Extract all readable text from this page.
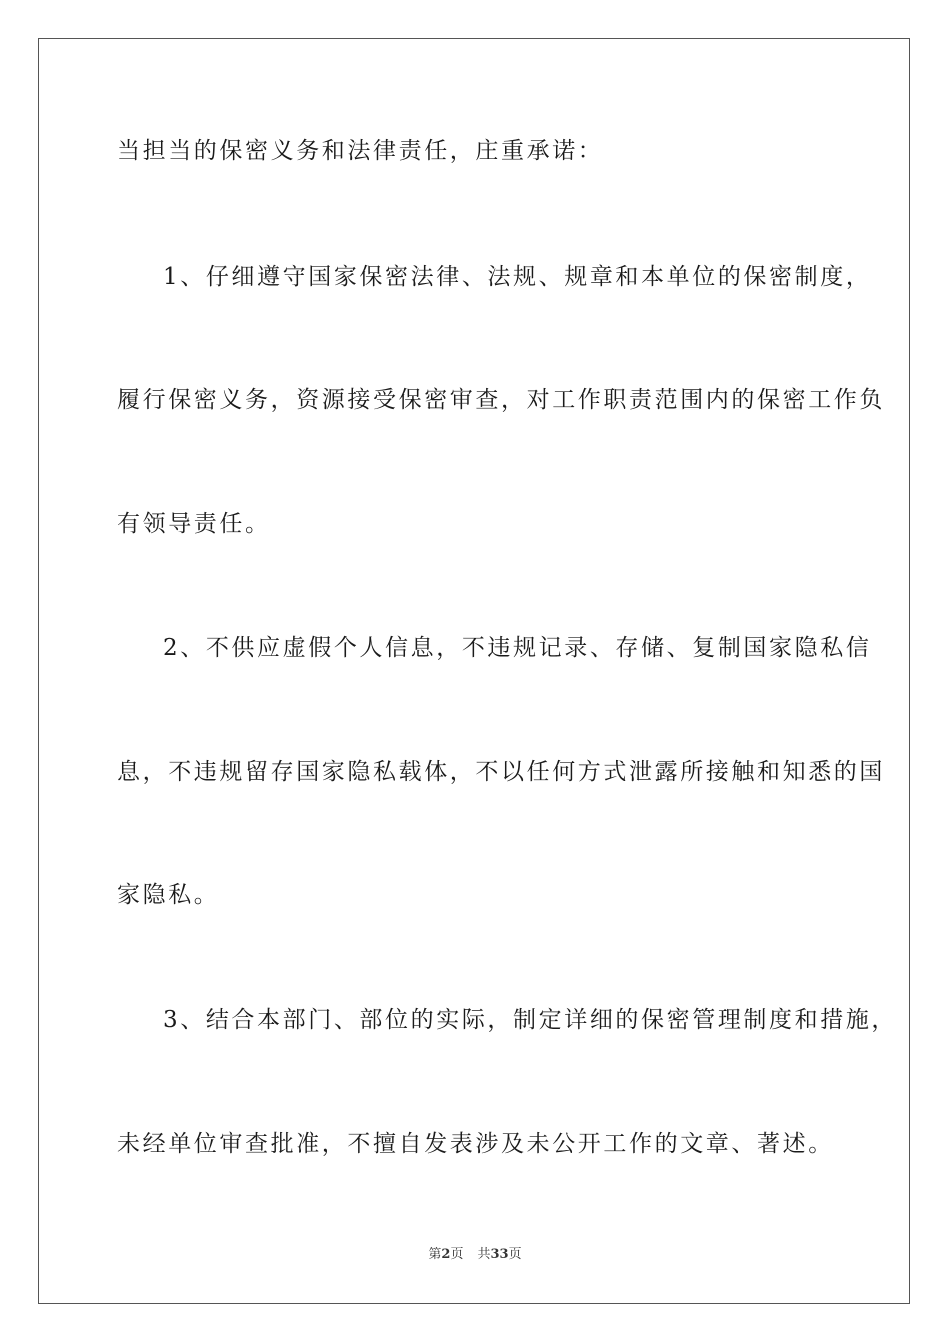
当担当的保密义务和法律责任，庄重承诺：
1、仔细遵守国家保密法律、法规、规章和本单位的保密制度，
履行保密义务，资源接受保密审查，对工作职责范围内的保密工作负
有领导责任。
2、不供应虚假个人信息，不违规记录、存储、复制国家隐私信
息，不违规留存国家隐私载体，不以任何方式泄露所接触和知悉的国
家隐私。
3、结合本部门、部位的实际，制定详细的保密管理制度和措施，
未经单位审查批准，不擅自发表涉及未公开工作的文章、著述。
第2页 共33页
